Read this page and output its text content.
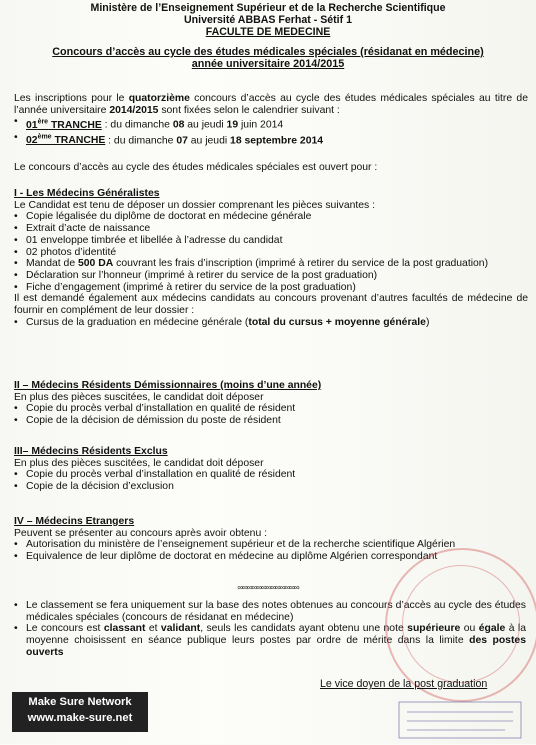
Ministère de l’Enseignement Supérieur et de la Recherche Scientifique
Université ABBAS Ferhat - Sétif 1
FACULTE DE MEDECINE
Concours d’accès au cycle des études médicales spéciales (résidanat en médecine)
année universitaire 2014/2015

Les inscriptions pour le quatorzième concours d’accès au cycle des études médicales spéciales au titre de l’année universitaire 2014/2015 sont fixées selon le calendrier suivant :

• 01ère TRANCHE : du dimanche 08 au jeudi 19 juin 2014
• 02ème TRANCHE : du dimanche 07 au jeudi 18 septembre 2014

Le concours d’accès au cycle des études médicales spéciales est ouvert pour :

I - Les Médecins Généralistes

Le Candidat est tenu de déposer un dossier comprenant les pièces suivantes :

• Copie légalisée du diplôme de doctorat en médecine générale
• Extrait d’acte de naissance
• 01 enveloppe timbrée et libellée à l’adresse du candidat
• 02 photos d’identité
• Mandat de 500 DA couvrant les frais d’inscription (imprimé à retirer du service de la post graduation)
• Déclaration sur l’honneur (imprimé à retirer du service de la post graduation)
• Fiche d’engagement (imprimé à retirer du service de la post graduation)

Il est demandé également aux médecins candidats au concours provenant d’autres facultés de médecine de fournir en complément de leur dossier :

• Cursus de la graduation en médecine générale (total du cursus + moyenne générale)

II – Médecins Résidents Démissionnaires (moins d’une année)

En plus des pièces suscitées, le candidat doit déposer

• Copie du procès verbal d’installation en qualité de résident
• Copie de la décision de démission du poste de résident

III– Médecins Résidents Exclus

En plus des pièces suscitées, le candidat doit déposer

• Copie du procès verbal d’installation en qualité de résident
• Copie de la décision d’exclusion

IV – Médecins Etrangers

Peuvent se présenter au concours après avoir obtenu :

• Autorisation du ministère de l’enseignement supérieur et de la recherche scientifique Algérien
• Equivalence de leur diplôme de doctorat en médecine au diplôme Algérien correspondant
∞∞∞∞∞∞∞∞∞∞∞∞∞
• Le classement se fera uniquement sur la base des notes obtenues au concours d’accès au cycle des études médicales spéciales (concours de résidanat en médecine)
• Le concours est classant et validant, seuls les candidats ayant obtenu une note supérieure ou égale à la moyenne choisissent en séance publique leurs postes par ordre de mérite dans la limite des postes ouverts
Le vice doyen de la post graduation
Make Sure Network
www.make-sure.net
